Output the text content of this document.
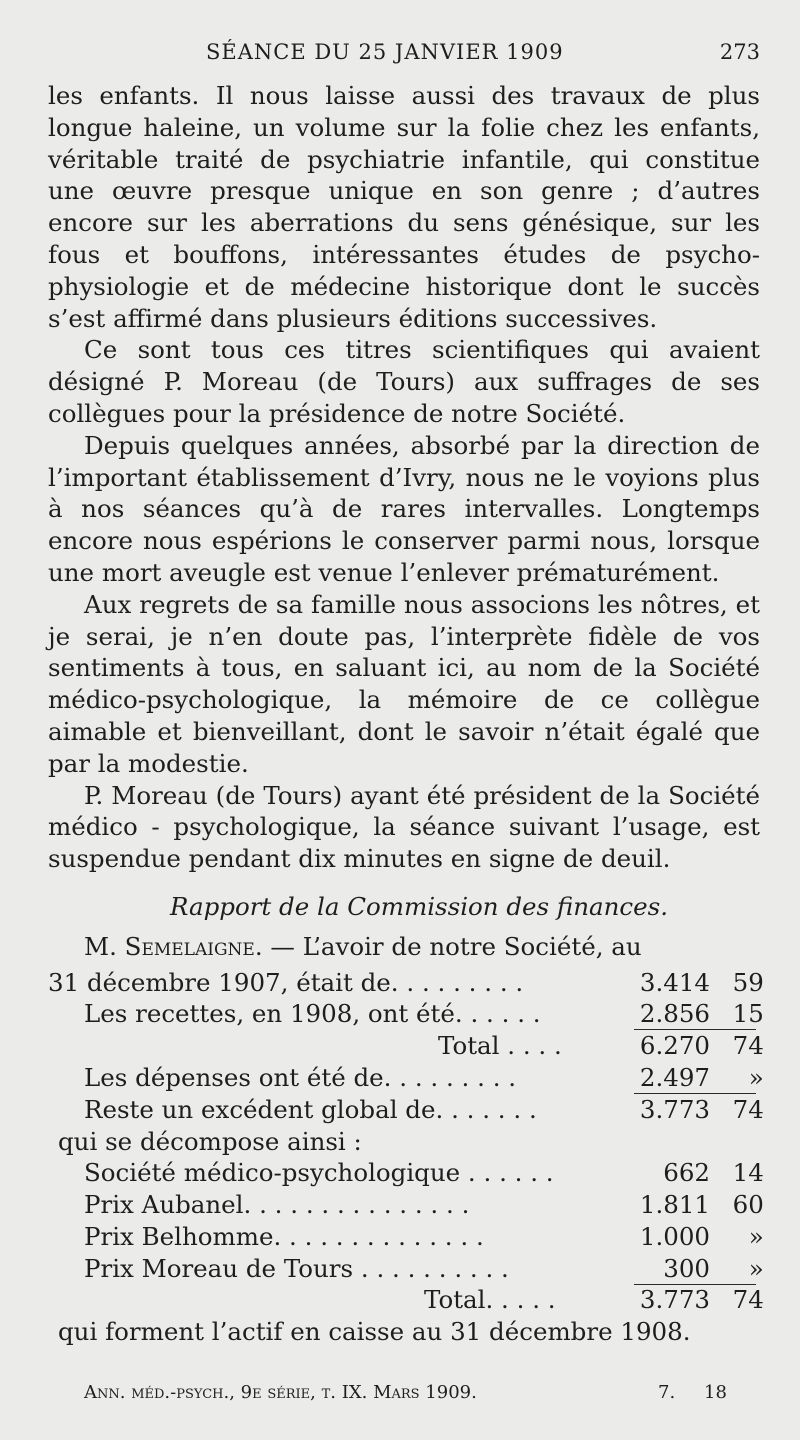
SÉANCE DU 25 JANVIER 1909	273

les enfants. Il nous laisse aussi des travaux de plus longue haleine, un volume sur la folie chez les enfants, véritable traité de psychiatrie infantile, qui constitue une œuvre presque unique en son genre ; d’autres encore sur les aberrations du sens génésique, sur les fous et bouffons, intéressantes études de psycho-physiologie et de médecine historique dont le succès s’est affirmé dans plusieurs éditions successives.

Ce sont tous ces titres scientifiques qui avaient désigné P. Moreau (de Tours) aux suffrages de ses collègues pour la présidence de notre Société.

Depuis quelques années, absorbé par la direction de l’important établissement d’Ivry, nous ne le voyions plus à nos séances qu’à de rares intervalles. Longtemps encore nous espérions le conserver parmi nous, lorsque une mort aveugle est venue l’enlever prématurément.

Aux regrets de sa famille nous associons les nôtres, et je serai, je n’en doute pas, l’interprète fidèle de vos sentiments à tous, en saluant ici, au nom de la Société médico-psychologique, la mémoire de ce collègue aimable et bienveillant, dont le savoir n’était égalé que par la modestie.

P. Moreau (de Tours) ayant été président de la Société médico - psychologique, la séance suivant l’usage, est suspendue pendant dix minutes en signe de deuil.

Rapport de la Commission des finances.

M. Semelaigne. — L’avoir de notre Société, au

31 décembre 1907, était de. . . . . . . . .	3.414 59
Les recettes, en 1908, ont été. . . . . .	2.856 15
Total . . . .	6.270 74
Les dépenses ont été de. . . . . . . . .	2.497 »
Reste un excédent global de. . . . . . .	3.773 74
qui se décompose ainsi :
Société médico-psychologique . . . . . .	662 14
Prix Aubanel. . . . . . . . . . . . . . .	1.811 60
Prix Belhomme. . . . . . . . . . . . . .	1.000 »
Prix Moreau de Tours . . . . . . . . . .	300 »
Total. . . . .	3.773 74

qui forment l’actif en caisse au 31 décembre 1908.

Ann. méd.-psych., 9e série, t. IX. Mars 1909.	7. 18
